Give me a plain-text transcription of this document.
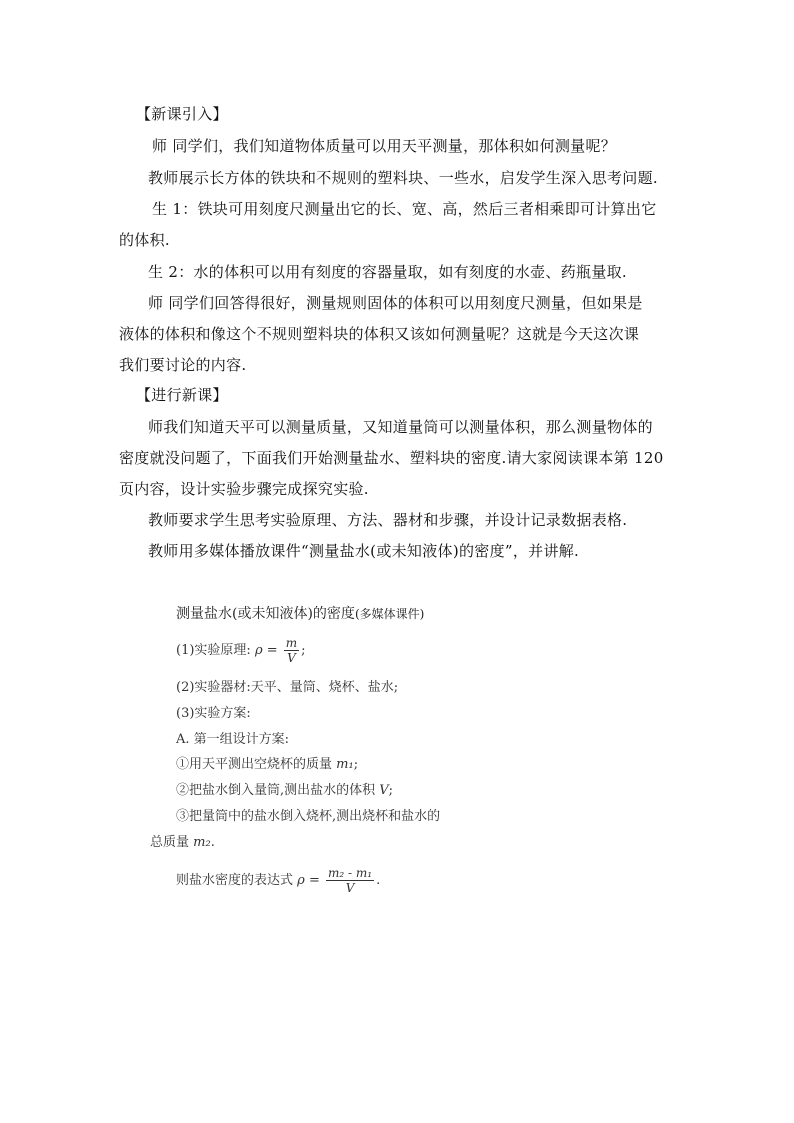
【新课引入】
师 同学们，我们知道物体质量可以用天平测量，那体积如何测量呢？
教师展示长方体的铁块和不规则的塑料块、一些水，启发学生深入思考问题.
生 1：铁块可用刻度尺测量出它的长、宽、高，然后三者相乘即可计算出它
的体积.
生 2：水的体积可以用有刻度的容器量取，如有刻度的水壶、药瓶量取.
师 同学们回答得很好，测量规则固体的体积可以用刻度尺测量，但如果是
液体的体积和像这个不规则塑料块的体积又该如何测量呢？这就是今天这次课
我们要讨论的内容.
【进行新课】
师我们知道天平可以测量质量，又知道量筒可以测量体积，那么测量物体的
密度就没问题了，下面我们开始测量盐水、塑料块的密度.请大家阅读课本第 120
页内容，设计实验步骤完成探究实验.
教师要求学生思考实验原理、方法、器材和步骤，并设计记录数据表格.
教师用多媒体播放课件“测量盐水(或未知液体)的密度”，并讲解.
测量盐水(或未知液体)的密度(多媒体课件)
(1)实验原理: $\rho = \frac{m}{V}$ ;
(2)实验器材:天平、量筒、烧杯、盐水;
(3)实验方案:
A. 第一组设计方案:
①用天平测出空烧杯的质量 m₁;
②把盐水倒入量筒,测出盐水的体积 V;
③把量筒中的盐水倒入烧杯,测出烧杯和盐水的
总质量 m₂.
则盐水密度的表达式 $\rho = \frac{\text{m₂ - m₁}}{V}$ .
